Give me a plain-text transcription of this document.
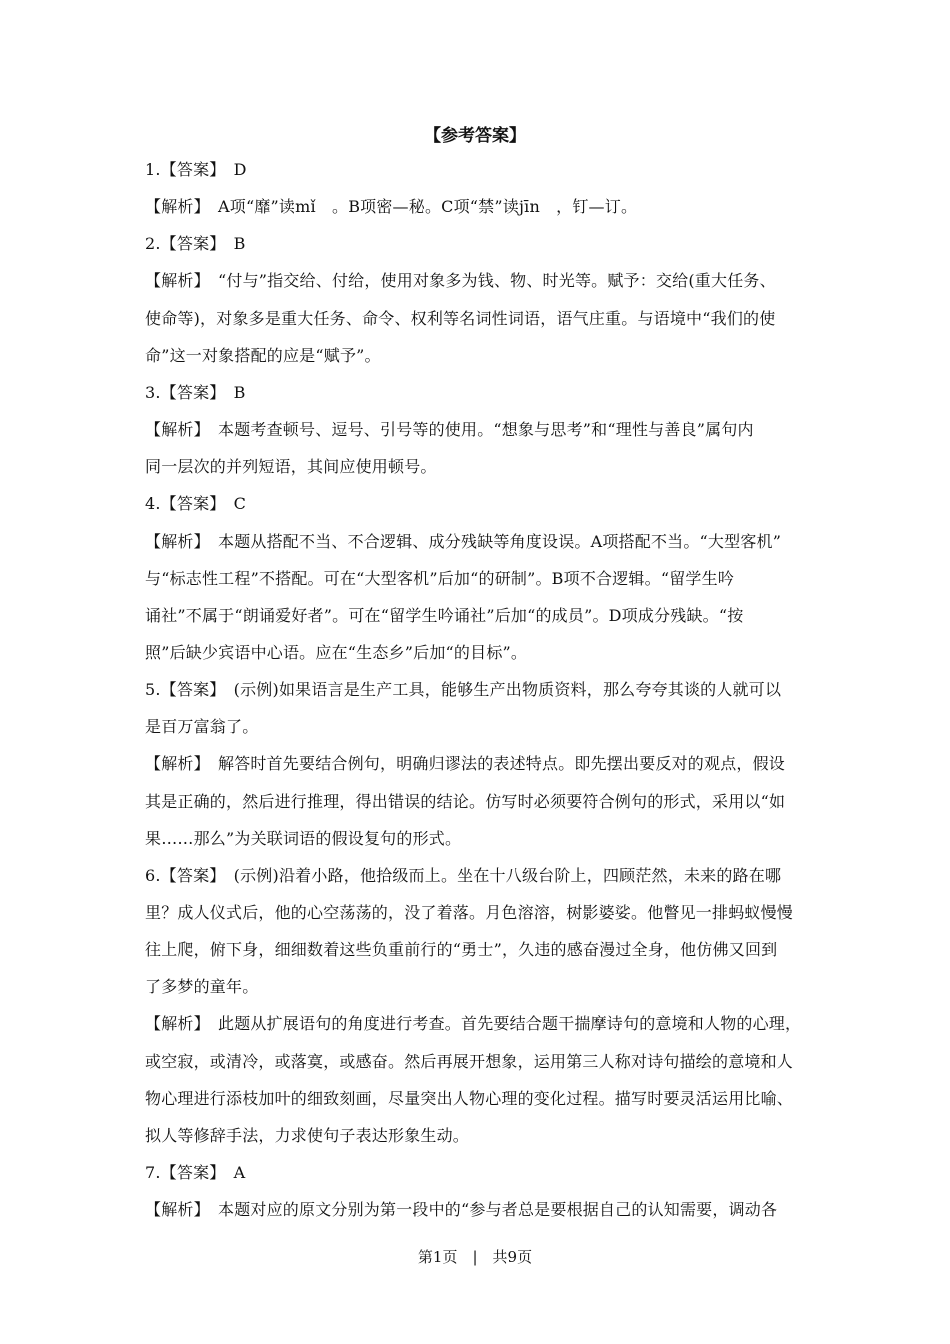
【参考答案】
1.【答案】　D
【解析】　A项“靡”读mǐ　。B项密—秘。C项“禁”读jīn　，钉—订。
2.【答案】　B
【解析】　“付与”指交给、付给，使用对象多为钱、物、时光等。赋予：交给(重大任务、
使命等)，对象多是重大任务、命令、权利等名词性词语，语气庄重。与语境中“我们的使
命”这一对象搭配的应是“赋予”。
3.【答案】　B
【解析】　本题考查顿号、逗号、引号等的使用。“想象与思考”和“理性与善良”属句内
同一层次的并列短语，其间应使用顿号。
4.【答案】　C
【解析】　本题从搭配不当、不合逻辑、成分残缺等角度设误。A项搭配不当。“大型客机”
与“标志性工程”不搭配。可在“大型客机”后加“的研制”。B项不合逻辑。“留学生吟
诵社”不属于“朗诵爱好者”。可在“留学生吟诵社”后加“的成员”。D项成分残缺。“按
照”后缺少宾语中心语。应在“生态乡”后加“的目标”。
5.【答案】　(示例)如果语言是生产工具，能够生产出物质资料，那么夸夸其谈的人就可以
是百万富翁了。
【解析】　解答时首先要结合例句，明确归谬法的表述特点。即先摆出要反对的观点，假设
其是正确的，然后进行推理，得出错误的结论。仿写时必须要符合例句的形式，采用以“如
果……那么”为关联词语的假设复句的形式。
6.【答案】　(示例)沿着小路，他拾级而上。坐在十八级台阶上，四顾茫然，未来的路在哪
里？成人仪式后，他的心空荡荡的，没了着落。月色溶溶，树影婆娑。他瞥见一排蚂蚁慢慢
往上爬，俯下身，细细数着这些负重前行的“勇士”，久违的感奋漫过全身，他仿佛又回到
了多梦的童年。
【解析】　此题从扩展语句的角度进行考查。首先要结合题干揣摩诗句的意境和人物的心理，
或空寂，或清冷，或落寞，或感奋。然后再展开想象，运用第三人称对诗句描绘的意境和人
物心理进行添枝加叶的细致刻画，尽量突出人物心理的变化过程。描写时要灵活运用比喻、
拟人等修辞手法，力求使句子表达形象生动。
7.【答案】　A
【解析】　本题对应的原文分别为第一段中的“参与者总是要根据自己的认知需要，调动各
第1页　|　共9页
